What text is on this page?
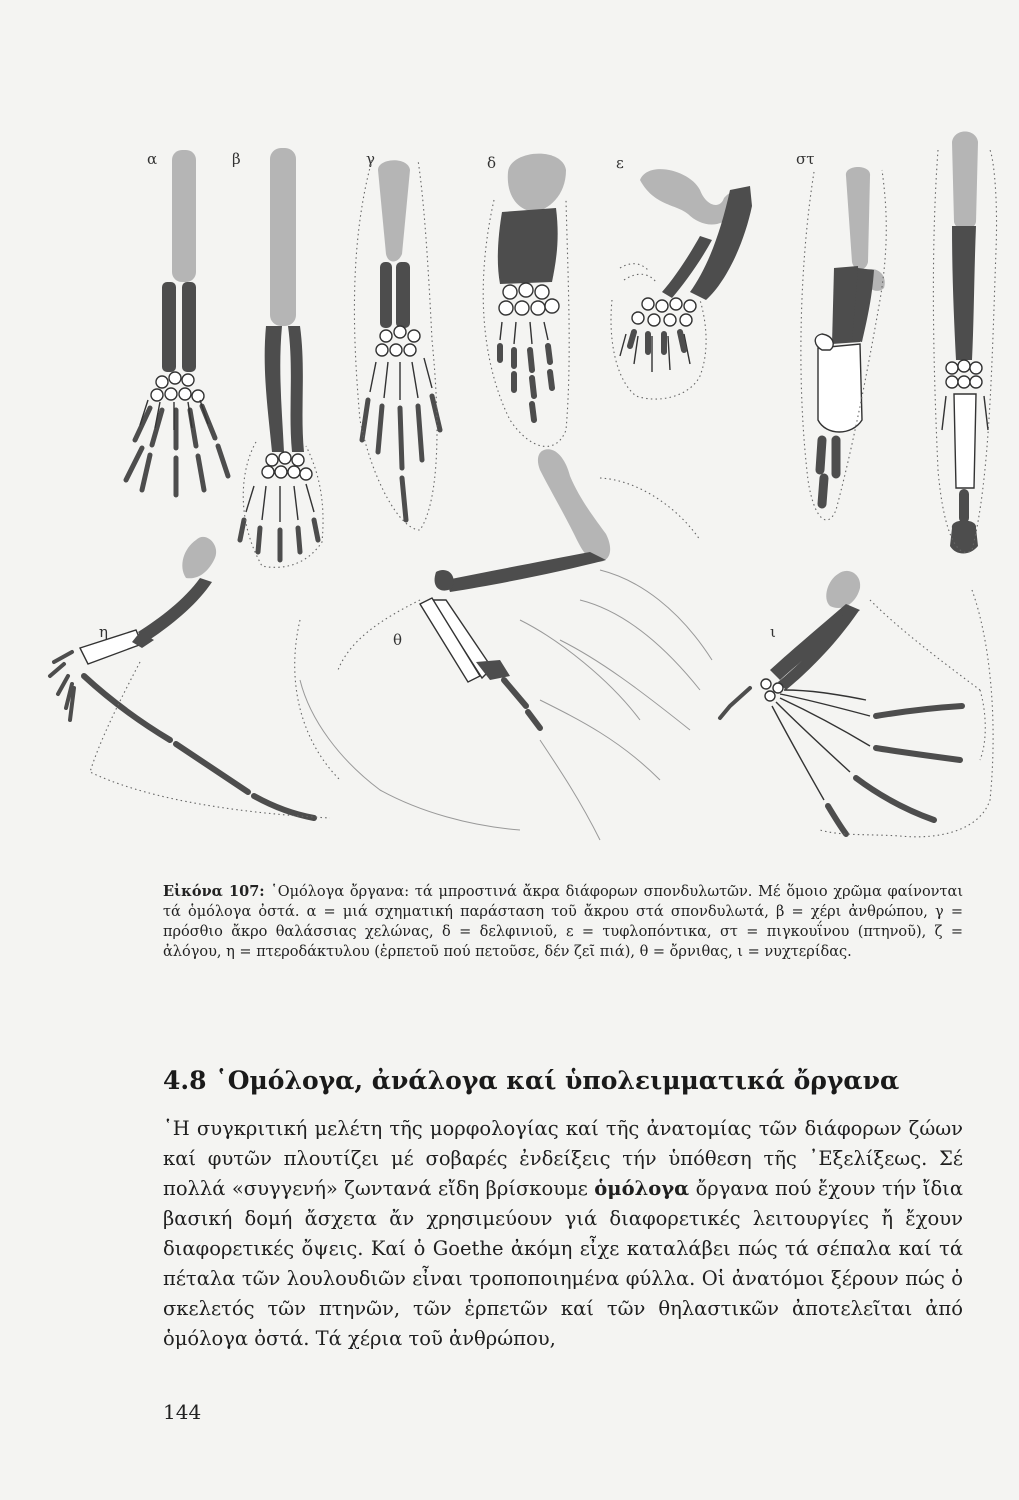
α	β	γ	δ	ε	στ
η	θ	ι
Εἰκόνα 107: ῾Ομόλογα ὄργανα: τά μπροστινά ἄκρα διάφορων σπονδυλωτῶν. Μέ ὅμοιο χρῶμα φαίνονται τά ὁμόλογα ὀστά. α = μιά σχηματική παράσταση τοῦ ἄκρου στά σπονδυλωτά, β = χέρι ἀνθρώπου, γ = πρόσθιο ἄκρο θαλάσσιας χελώνας, δ = δελφινιοῦ, ε = τυφλοπόντικα, στ = πιγκουΐνου (πτηνοῦ), ζ = ἀλόγου, η = πτεροδάκτυλου (ἑρπετοῦ πού πετοῦσε, δέν ζεῖ πιά), θ = ὄρνιθας, ι = νυχτερίδας.
4.8 ῾Ομόλογα, ἀνάλογα καί ὑπολειμματικά ὄργανα

῾Η συγκριτική μελέτη τῆς μορφολογίας καί τῆς ἀνατομίας τῶν διάφορων ζώων καί φυτῶν πλουτίζει μέ σοβαρές ἐνδείξεις τήν ὑπόθεση τῆς ᾿Εξελίξεως. Σέ πολλά «συγγενή» ζωντανά εἴδη βρίσκουμε ὁμόλογα ὄργανα πού ἔχουν τήν ἴδια βασική δομή ἄσχετα ἄν χρησιμεύουν γιά διαφορετικές λειτουργίες ἤ ἔχουν διαφορετικές ὄψεις. Καί ὁ Goethe ἀκόμη εἶχε καταλάβει πώς τά σέπαλα καί τά πέταλα τῶν λουλουδιῶν εἶναι τροποποιημένα φύλλα. Οἱ ἀνατόμοι ξέρουν πώς ὁ σκελετός τῶν πτηνῶν, τῶν ἑρπετῶν καί τῶν θηλαστικῶν ἀποτελεῖται ἀπό ὁμόλογα ὀστά. Τά χέρια τοῦ ἀνθρώπου,

144
